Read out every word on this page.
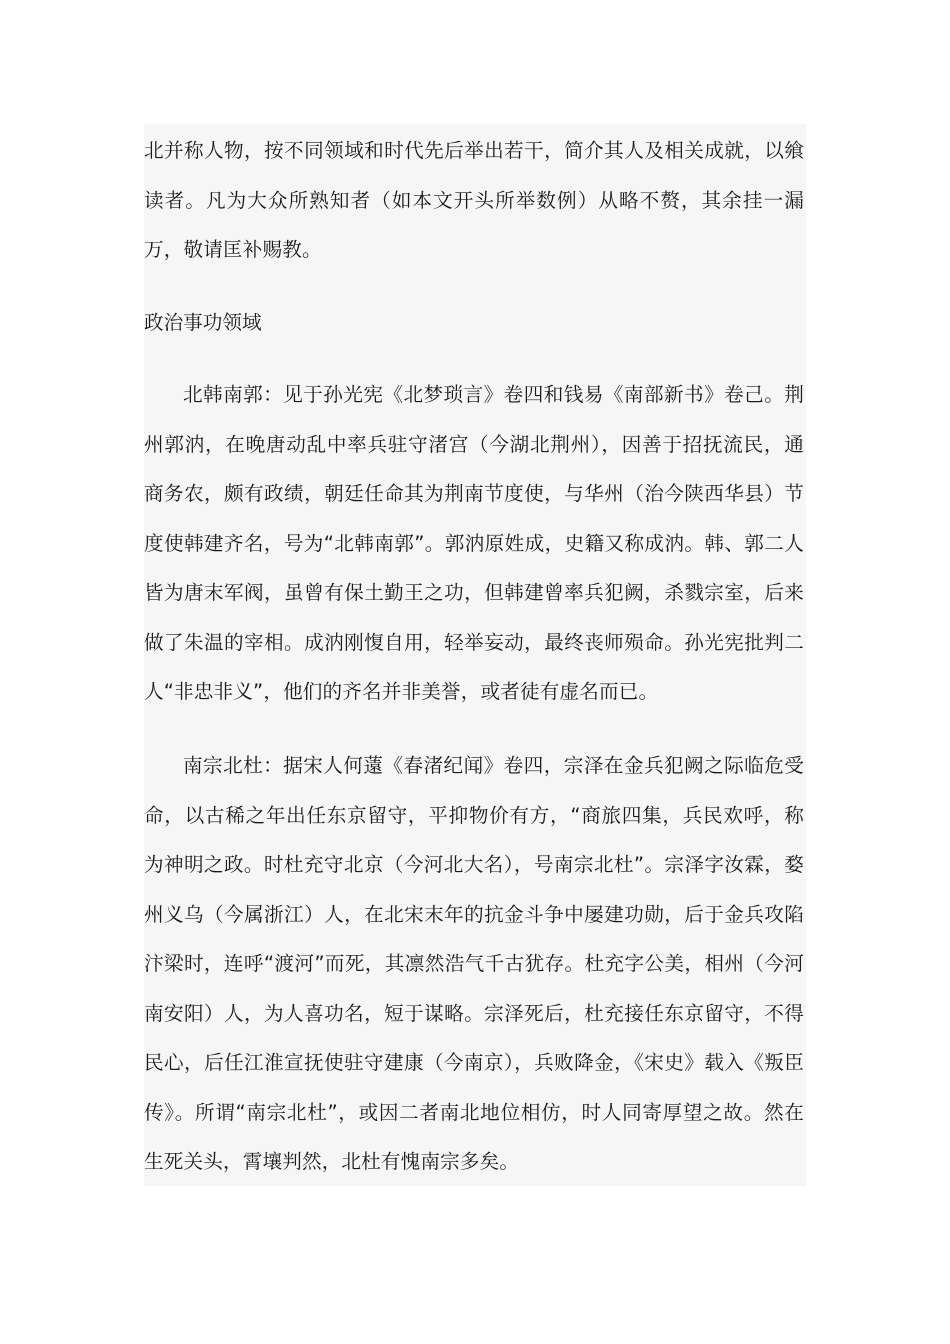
北并称人物，按不同领域和时代先后举出若干，简介其人及相关成就，以飨读者。凡为大众所熟知者（如本文开头所举数例）从略不赘，其余挂一漏万，敬请匡补赐教。

政治事功领域

北韩南郭：见于孙光宪《北梦琐言》卷四和钱易《南部新书》卷己。荆州郭汭，在晚唐动乱中率兵驻守渚宫（今湖北荆州），因善于招抚流民，通商务农，颇有政绩，朝廷任命其为荆南节度使，与华州（治今陕西华县）节度使韩建齐名，号为“北韩南郭”。郭汭原姓成，史籍又称成汭。韩、郭二人皆为唐末军阀，虽曾有保土勤王之功，但韩建曾率兵犯阙，杀戮宗室，后来做了朱温的宰相。成汭刚愎自用，轻举妄动，最终丧师殒命。孙光宪批判二人“非忠非义”，他们的齐名并非美誉，或者徒有虚名而已。

南宗北杜：据宋人何薳《春渚纪闻》卷四，宗泽在金兵犯阙之际临危受命，以古稀之年出任东京留守，平抑物价有方，“商旅四集，兵民欢呼，称为神明之政。时杜充守北京（今河北大名），号南宗北杜”。宗泽字汝霖，婺州义乌（今属浙江）人，在北宋末年的抗金斗争中屡建功勋，后于金兵攻陷汴梁时，连呼“渡河”而死，其凛然浩气千古犹存。杜充字公美，相州（今河南安阳）人，为人喜功名，短于谋略。宗泽死后，杜充接任东京留守，不得民心，后任江淮宣抚使驻守建康（今南京），兵败降金，《宋史》载入《叛臣传》。所谓“南宗北杜”，或因二者南北地位相仿，时人同寄厚望之故。然在生死关头，霄壤判然，北杜有愧南宗多矣。
